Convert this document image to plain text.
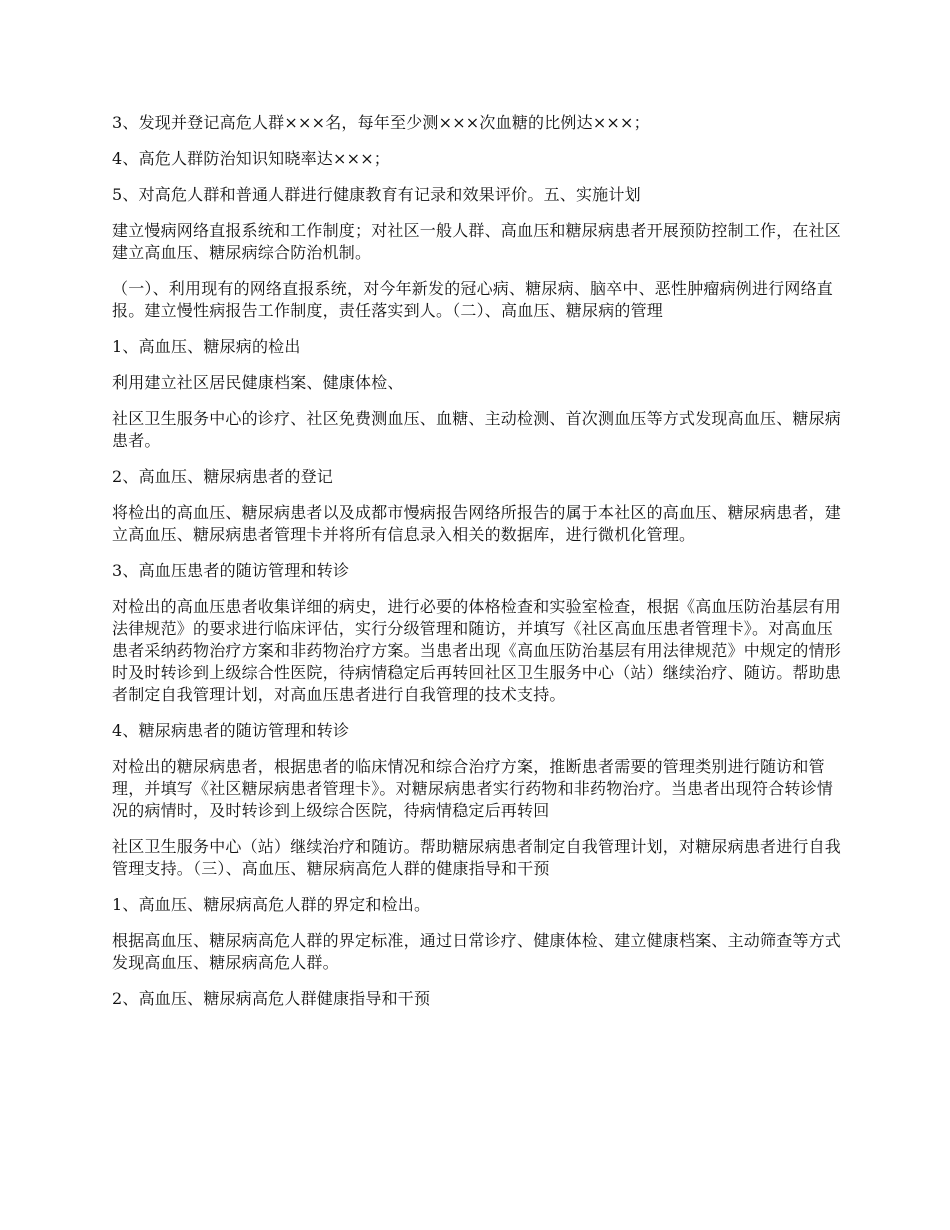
3、发现并登记高危人群×××名，每年至少测×××次血糖的比例达×××；

4、高危人群防治知识知晓率达×××；

5、对高危人群和普通人群进行健康教育有记录和效果评价。五、实施计划

建立慢病网络直报系统和工作制度；对社区一般人群、高血压和糖尿病患者开展预防控制工作，在社区建立高血压、糖尿病综合防治机制。

（一）、利用现有的网络直报系统，对今年新发的冠心病、糖尿病、脑卒中、恶性肿瘤病例进行网络直报。建立慢性病报告工作制度，责任落实到人。（二）、高血压、糖尿病的管理

1、高血压、糖尿病的检出

利用建立社区居民健康档案、健康体检、

社区卫生服务中心的诊疗、社区免费测血压、血糖、主动检测、首次测血压等方式发现高血压、糖尿病患者。

2、高血压、糖尿病患者的登记

将检出的高血压、糖尿病患者以及成都市慢病报告网络所报告的属于本社区的高血压、糖尿病患者，建立高血压、糖尿病患者管理卡并将所有信息录入相关的数据库，进行微机化管理。

3、高血压患者的随访管理和转诊

对检出的高血压患者收集详细的病史，进行必要的体格检查和实验室检查，根据《高血压防治基层有用法律规范》的要求进行临床评估，实行分级管理和随访，并填写《社区高血压患者管理卡》。对高血压患者采纳药物治疗方案和非药物治疗方案。当患者出现《高血压防治基层有用法律规范》中规定的情形时及时转诊到上级综合性医院，待病情稳定后再转回社区卫生服务中心（站）继续治疗、随访。帮助患者制定自我管理计划，对高血压患者进行自我管理的技术支持。

4、糖尿病患者的随访管理和转诊

对检出的糖尿病患者，根据患者的临床情况和综合治疗方案，推断患者需要的管理类别进行随访和管理，并填写《社区糖尿病患者管理卡》。对糖尿病患者实行药物和非药物治疗。当患者出现符合转诊情况的病情时，及时转诊到上级综合医院，待病情稳定后再转回

社区卫生服务中心（站）继续治疗和随访。帮助糖尿病患者制定自我管理计划，对糖尿病患者进行自我管理支持。（三）、高血压、糖尿病高危人群的健康指导和干预

1、高血压、糖尿病高危人群的界定和检出。

根据高血压、糖尿病高危人群的界定标准，通过日常诊疗、健康体检、建立健康档案、主动筛查等方式发现高血压、糖尿病高危人群。

2、高血压、糖尿病高危人群健康指导和干预
